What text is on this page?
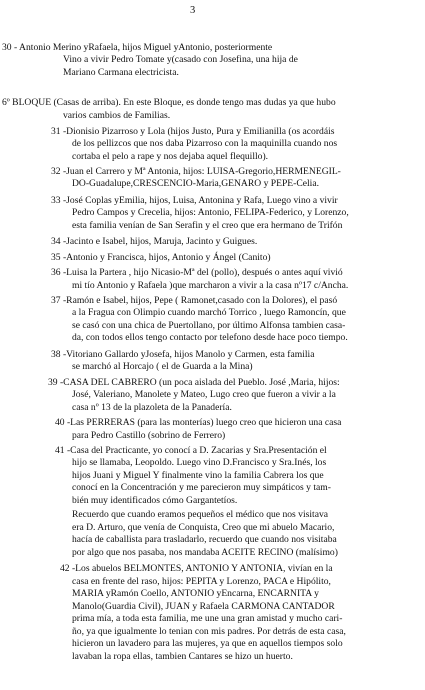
3
30 - Antonio Merino yRafaela, hijos Miguel yAntonio, posteriormente
Vino a vivir Pedro Tomate y(casado con Josefina, una hija de
Mariano Carmana electricista.
6º BLOQUE (Casas de arriba). En este Bloque, es donde tengo mas dudas ya que hubo
varios cambios de Familias.
31 -Dionisio Pizarroso y Lola (hijos Justo, Pura y Emilianilla (os acordáis
de los pellizcos que nos daba Pizarroso con la maquinilla cuando nos
cortaba el pelo a rape y nos dejaba aquel flequillo).
32 -Juan el Carrero y Mª Antonia, hijos: LUISA-Gregorio,HERMENEGIL-
DO-Guadalupe,CRESCENCIO-Maria,GENARO y PEPE-Celia.
33 -José Coplas yEmilia, hijos, Luisa, Antonina y Rafa, Luego vino a vivir
Pedro Campos y Crecelia, hijos: Antonio, FELIPA-Federico, y Lorenzo,
esta familia venían de San Serafin y el creo que era hermano de Trifón
34 -Jacinto e Isabel, hijos, Maruja, Jacinto y Guigues.
35 -Antonio y Francisca, hijos, Antonio y Ángel (Canito)
36 -Luisa la Partera , hijo Nicasio-Mª del (pollo), después o antes aquí vivió
mi tío Antonio y Rafaela )que marcharon a vivir a la casa nº17 c/Ancha.
37 -Ramón e Isabel, hijos, Pepe ( Ramonet,casado con la Dolores), el pasó
a la Fragua con Olimpio cuando marchó Torrico , luego Ramoncín, que
se casó con una chica de Puertollano, por último Alfonsa tambien casa-
da, con todos ellos tengo contacto por telefono desde hace poco tiempo.
38 -Vitoriano Gallardo yJosefa, hijos Manolo y Carmen, esta familia
se marchó al Horcajo ( el de Guarda a la Mina)
39 -CASA DEL CABRERO (un poca aislada del Pueblo. José ,Maria, hijos:
José, Valeriano, Manolete y Mateo, Lugo creo que fueron a vivir a la
casa nº 13 de la plazoleta de la Panadería.
40 -Las PERRERAS (para las monterías) luego creo que hicieron una casa
para Pedro Castillo (sobrino de Ferrero)
41 -Casa del Practicante, yo conocí a D. Zacarias y Sra.Presentación el
hijo se llamaba, Leopoldo. Luego vino D.Francisco y Sra.Inés, los
hijos Juani y Miguel Y finalmente vino la familia Cabrera los que
conocí en la Concentración y me parecieron muy simpáticos y tam-
bién muy identificados cómo Gargantetíos.
Recuerdo que cuando eramos pequeños el médico que nos visitava
era D. Arturo, que venía de Conquista, Creo que mi abuelo Macario,
hacía de caballista para trasladarlo, recuerdo que cuando nos visitaba
por algo que nos pasaba, nos mandaba ACEITE RECINO (malísimo)
42 -Los abuelos BELMONTES, ANTONIO Y ANTONIA, vivían en la
casa en frente del raso, hijos: PEPITA y Lorenzo, PACA e Hipólito,
MARIA yRamón Coello, ANTONIO yEncarna, ENCARNITA y
Manolo(Guardia Civil), JUAN y Rafaela CARMONA CANTADOR
prima mía, a toda esta familia, me une una gran amistad y mucho cari-
ño, ya que igualmente lo tenian con mis padres. Por detrás de esta casa,
hicieron un lavadero para las mujeres, ya que en aquellos tiempos solo
lavaban la ropa ellas, tambien Cantares se hizo un huerto.
